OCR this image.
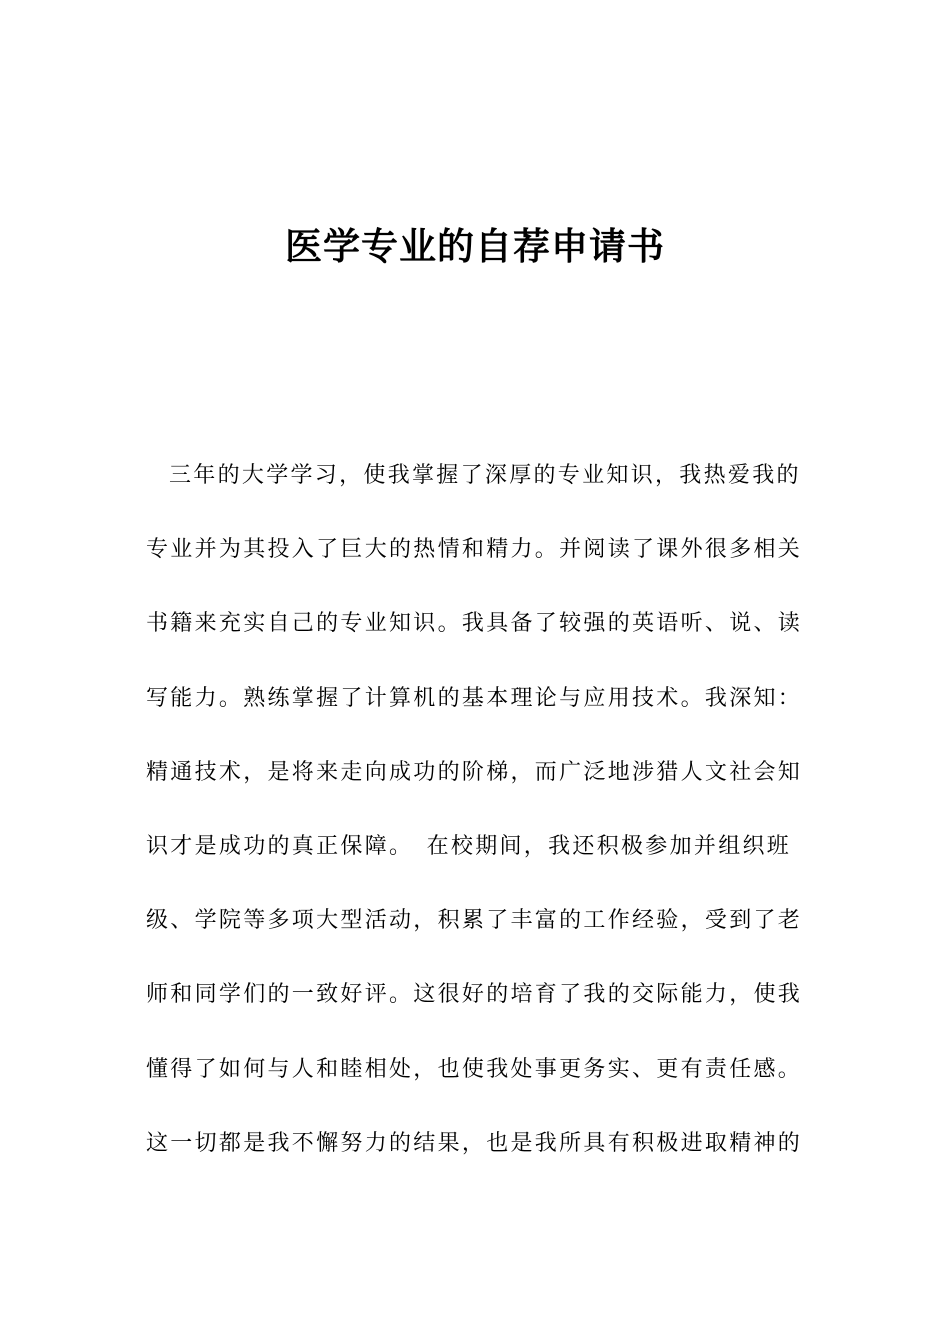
医学专业的自荐申请书
三年的大学学习，使我掌握了深厚的专业知识，我热爱我的
专业并为其投入了巨大的热情和精力。并阅读了课外很多相关
书籍来充实自己的专业知识。我具备了较强的英语听、说、读
写能力。熟练掌握了计算机的基本理论与应用技术。我深知：
精通技术，是将来走向成功的阶梯，而广泛地涉猎人文社会知
识才是成功的真正保障。　在校期间，我还积极参加并组织班
级、学院等多项大型活动，积累了丰富的工作经验，受到了老
师和同学们的一致好评。这很好的培育了我的交际能力，使我
懂得了如何与人和睦相处，也使我处事更务实、更有责任感。
这一切都是我不懈努力的结果，也是我所具有积极进取精神的
